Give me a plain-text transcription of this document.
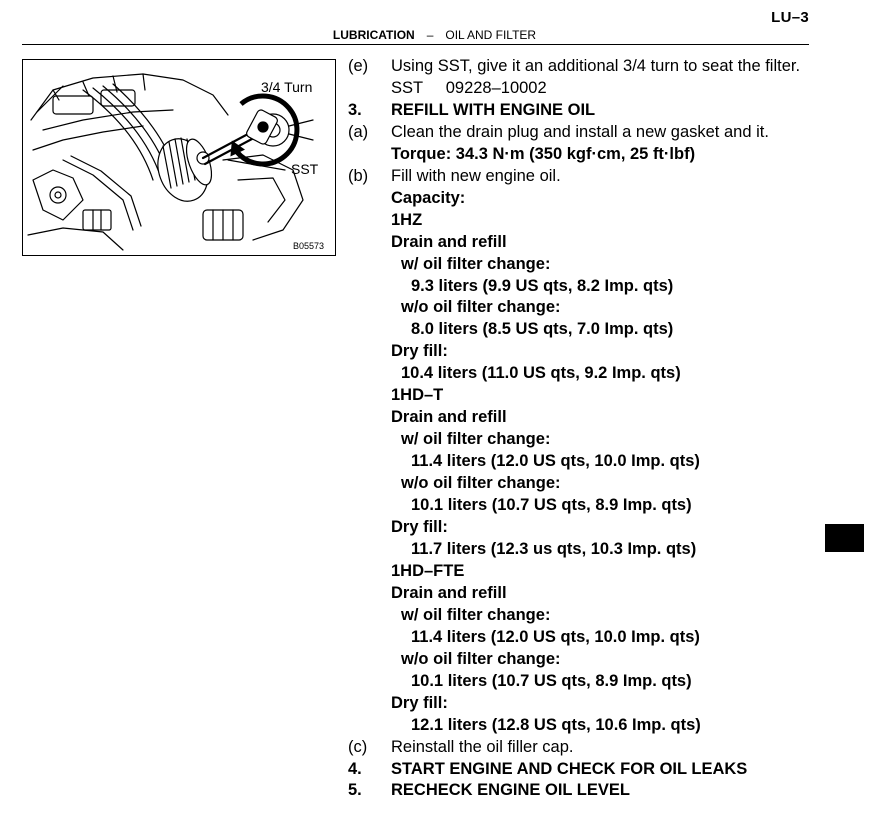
LU–3
LUBRICATION – OIL AND FILTER
3/4 Turn
SST
B05573
(e)	Using SST, give it an additional 3/4 turn to seat the filter.
SST     09228–10002
3.	REFILL WITH ENGINE OIL
(a)	Clean the drain plug and install a new gasket and it.
Torque: 34.3 N·m (350 kgf·cm, 25 ft·lbf)
(b)	Fill with new engine oil.
Capacity:
1HZ
Drain and refill
w/ oil filter change:
9.3 liters (9.9 US qts, 8.2 Imp. qts)
w/o oil filter change:
8.0 liters (8.5 US qts, 7.0 Imp. qts)
Dry fill:
10.4 liters (11.0 US qts, 9.2 Imp. qts)
1HD–T
Drain and refill
w/ oil filter change:
11.4 liters (12.0 US qts, 10.0 Imp. qts)
w/o oil filter change:
10.1 liters (10.7 US qts, 8.9 Imp. qts)
Dry fill:
11.7 liters (12.3 us qts, 10.3 Imp. qts)
1HD–FTE
Drain and refill
w/ oil filter change:
11.4 liters (12.0 US qts, 10.0 Imp. qts)
w/o oil filter change:
10.1 liters (10.7 US qts, 8.9 Imp. qts)
Dry fill:
12.1 liters (12.8 US qts, 10.6 Imp. qts)
(c)	Reinstall the oil filler cap.
4.	START ENGINE AND CHECK FOR OIL LEAKS
5.	RECHECK ENGINE OIL LEVEL
